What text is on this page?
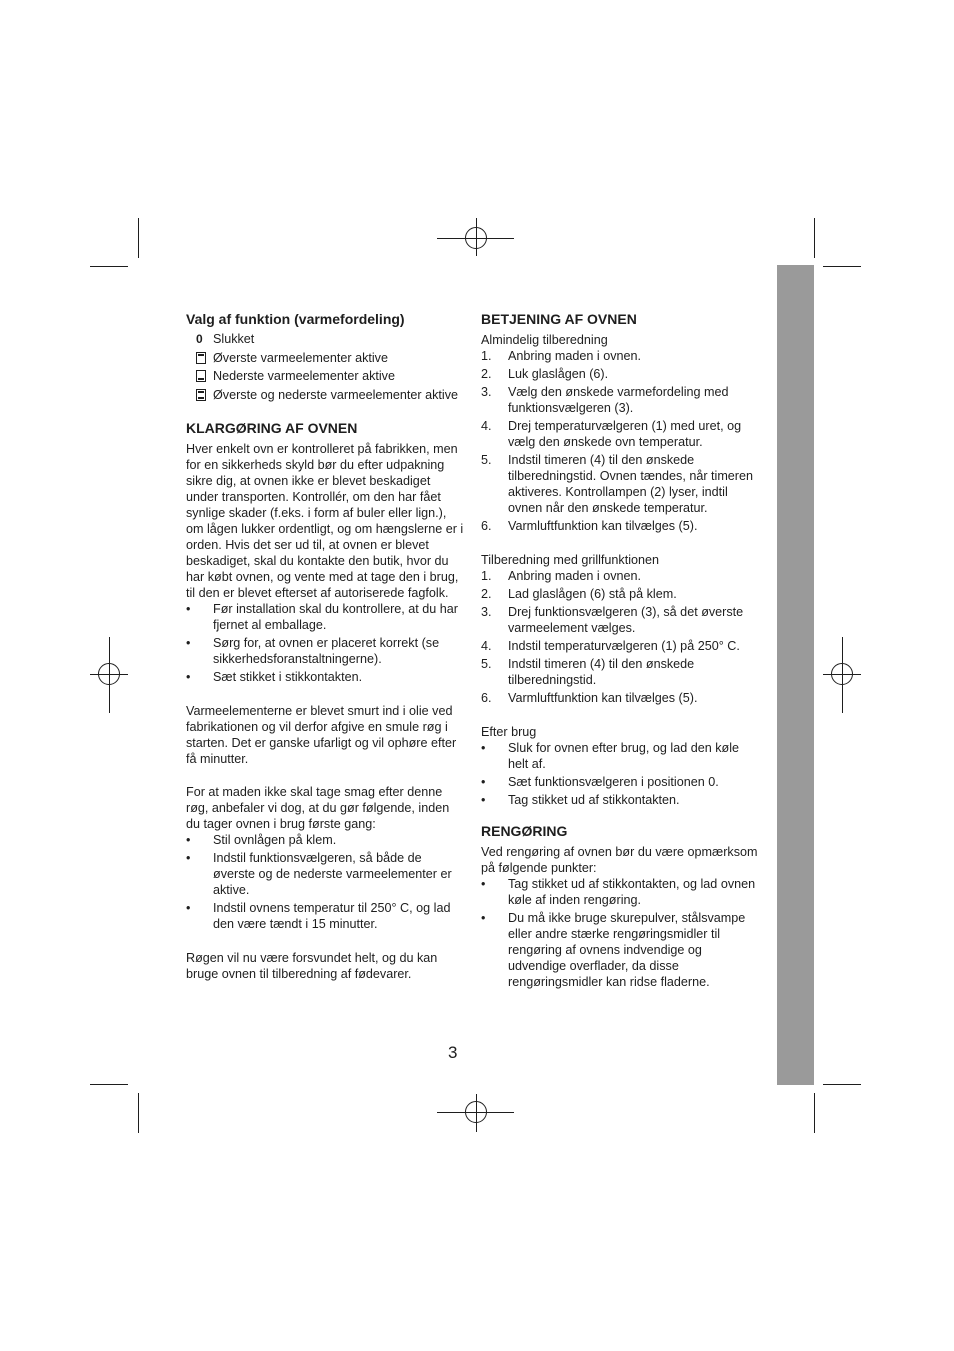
Valg af funktion (varmefordeling)
0 Slukket
Øverste varmeelementer aktive
Nederste varmeelementer aktive
Øverste og nederste varmeelementer aktive
KLARGØRING AF OVNEN

Hver enkelt ovn er kontrolleret på fabrikken, men for en sikkerheds skyld bør du efter udpakning sikre dig, at ovnen ikke er blevet beskadiget under transporten. Kontrollér, om den har fået synlige skader (f.eks. i form af buler eller lign.), om lågen lukker ordentligt, og om hængslerne er i orden. Hvis det ser ud til, at ovnen er blevet beskadiget, skal du kontakte den butik, hvor du har købt ovnen, og vente med at tage den i brug, til den er blevet efterset af autoriserede fagfolk.

• Før installation skal du kontrollere, at du har fjernet al emballage.
• Sørg for, at ovnen er placeret korrekt (se sikkerhedsforanstaltningerne).
• Sæt stikket i stikkontakten.

Varmeelementerne er blevet smurt ind i olie ved fabrikationen og vil derfor afgive en smule røg i starten. Det er ganske ufarligt og vil ophøre efter få minutter.

For at maden ikke skal tage smag efter denne røg, anbefaler vi dog, at du gør følgende, inden du tager ovnen i brug første gang:

• Stil ovnlågen på klem.
• Indstil funktionsvælgeren, så både de øverste og de nederste varmeelementer er aktive.
• Indstil ovnens temperatur til 250° C, og lad den være tændt i 15 minutter.

Røgen vil nu være forsvundet helt, og du kan bruge ovnen til tilberedning af fødevarer.

BETJENING AF OVNEN
Almindelig tilberedning
1. Anbring maden i ovnen.
2. Luk glaslågen (6).
3. Vælg den ønskede varmefordeling med funktionsvælgeren (3).
4. Drej temperaturvælgeren (1) med uret, og vælg den ønskede ovn temperatur.
5. Indstil timeren (4) til den ønskede tilberedningstid. Ovnen tændes, når timeren aktiveres. Kontrollampen (2) lyser, indtil ovnen når den ønskede temperatur.
6. Varmluftfunktion kan tilvælges (5).
Tilberedning med grillfunktionen
1. Anbring maden i ovnen.
2. Lad glaslågen (6) stå på klem.
3. Drej funktionsvælgeren (3), så det øverste varmeelement vælges.
4. Indstil temperaturvælgeren (1) på 250° C.
5. Indstil timeren (4) til den ønskede tilberedningstid.
6. Varmluftfunktion kan tilvælges (5).
Efter brug
• Sluk for ovnen efter brug, og lad den køle helt af.
• Sæt funktionsvælgeren i positionen 0.
• Tag stikket ud af stikkontakten.
RENGØRING

Ved rengøring af ovnen bør du være opmærksom på følgende punkter:

• Tag stikket ud af stikkontakten, og lad ovnen køle af inden rengøring.
• Du må ikke bruge skurepulver, stålsvampe eller andre stærke rengøringsmidler til rengøring af ovnens indvendige og udvendige overflader, da disse rengøringsmidler kan ridse fladerne.
3
